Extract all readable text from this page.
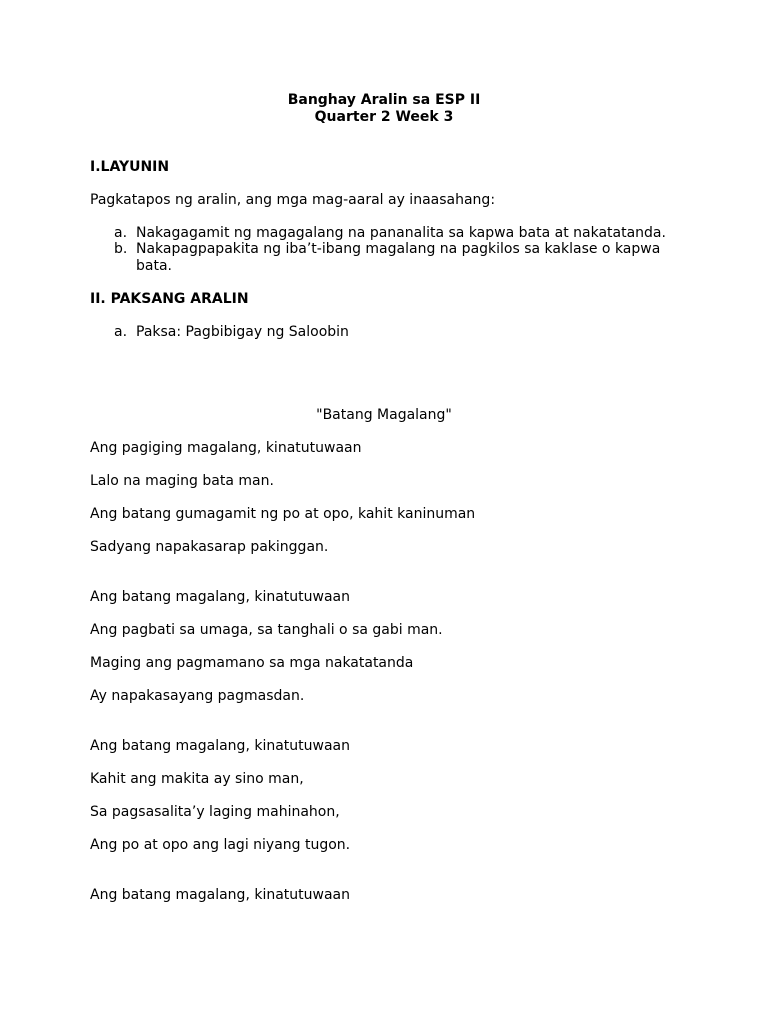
Banghay Aralin sa ESP II
Quarter 2 Week 3
I.LAYUNIN
Pagkatapos ng aralin, ang mga mag-aaral ay inaasahang:
a. Nakagagamit ng magagalang na pananalita sa kapwa bata at nakatatanda.
b. Nakapagpapakita ng iba’t-ibang magalang na pagkilos sa kaklase o kapwa bata.
II. PAKSANG ARALIN
a. Paksa: Pagbibigay ng Saloobin
"Batang Magalang"
Ang pagiging magalang, kinatutuwaan
Lalo na maging bata man.
Ang batang gumagamit ng po at opo, kahit kaninuman
Sadyang napakasarap pakinggan.
Ang batang magalang, kinatutuwaan
Ang pagbati sa umaga, sa tanghali o sa gabi man.
Maging ang pagmamano sa mga nakatatanda
Ay napakasayang pagmasdan.
Ang batang magalang, kinatutuwaan
Kahit ang makita ay sino man,
Sa pagsasalita’y laging mahinahon,
Ang po at opo ang lagi niyang tugon.
Ang batang magalang, kinatutuwaan
